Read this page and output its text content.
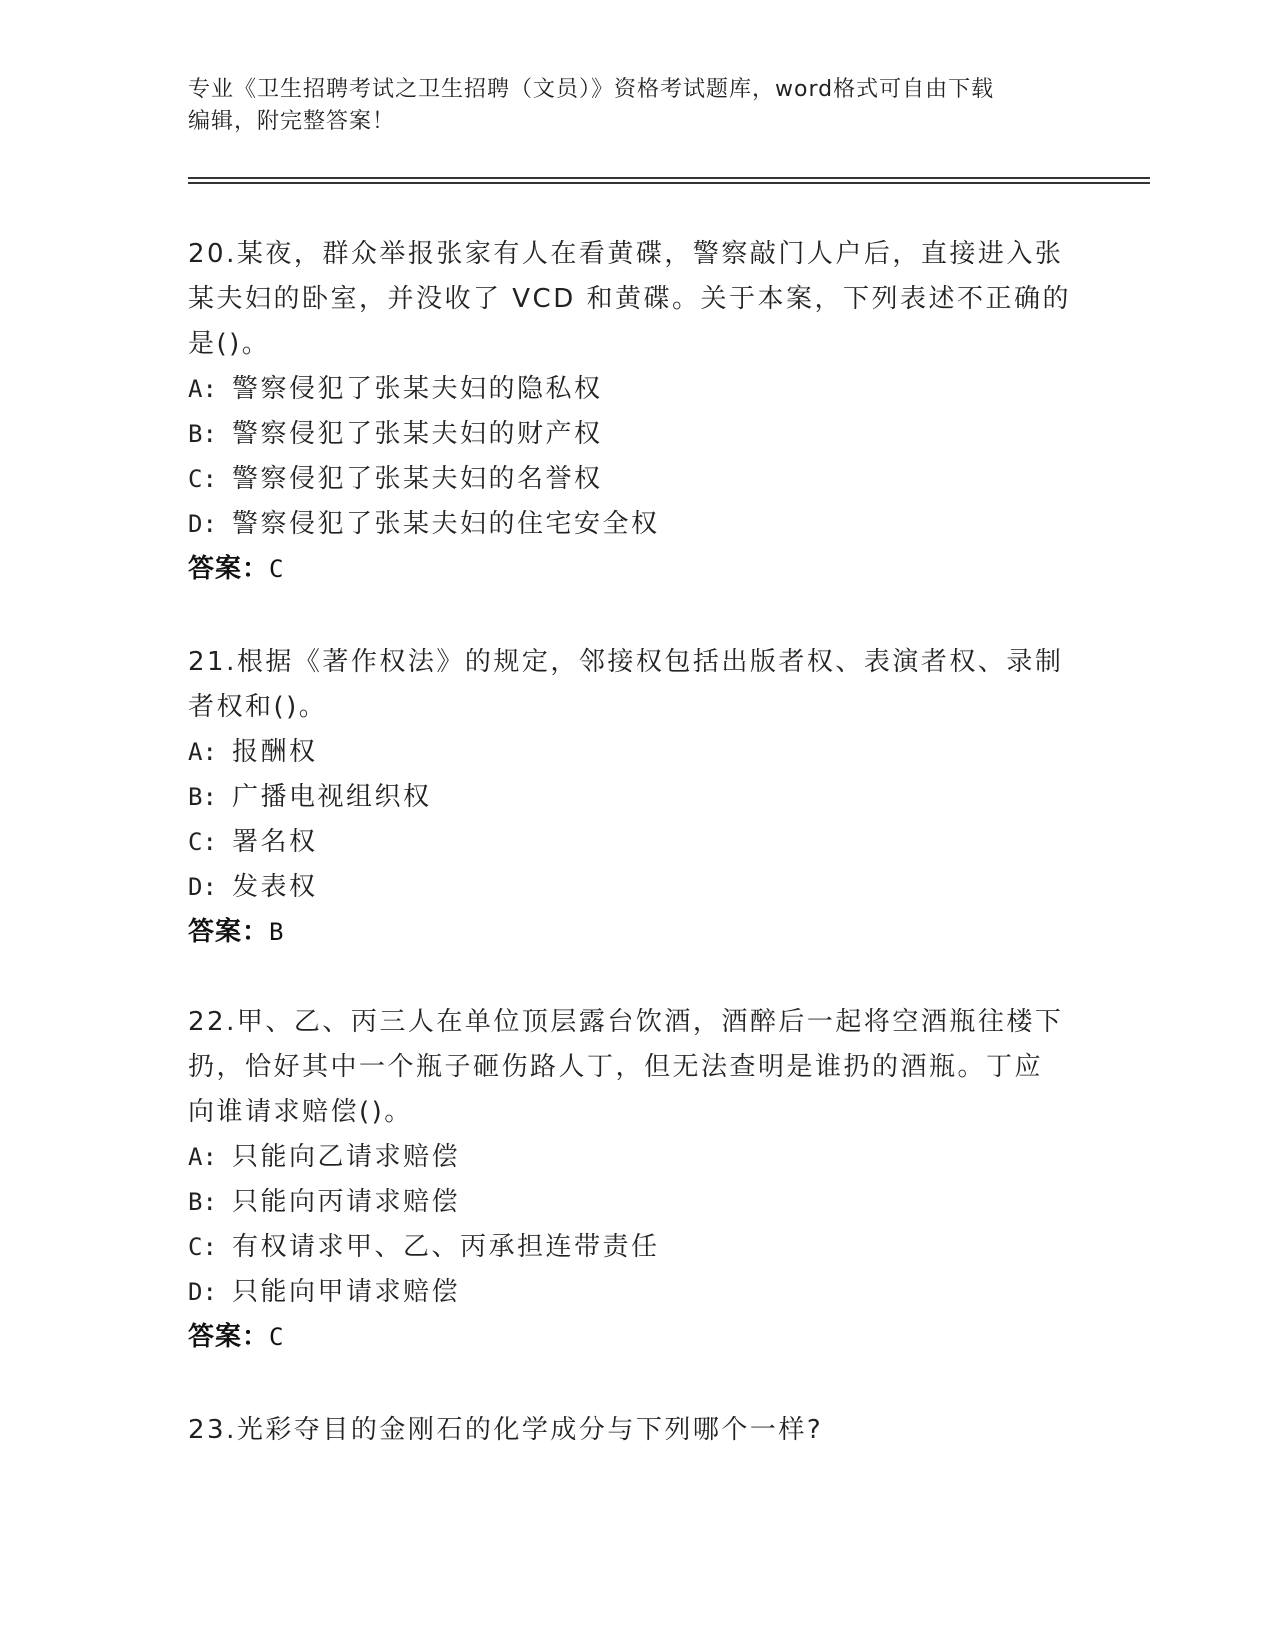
专业《卫生招聘考试之卫生招聘（文员）》资格考试题库，word格式可自由下载
编辑，附完整答案！

20.某夜，群众举报张家有人在看黄碟，警察敲门人户后，直接进入张

某夫妇的卧室，并没收了 VCD 和黄碟。关于本案，下列表述不正确的

是()。

A: 警察侵犯了张某夫妇的隐私权

B: 警察侵犯了张某夫妇的财产权

C: 警察侵犯了张某夫妇的名誉权

D: 警察侵犯了张某夫妇的住宅安全权

答案：C

21.根据《著作权法》的规定，邻接权包括出版者权、表演者权、录制

者权和()。

A: 报酬权

B: 广播电视组织权

C: 署名权

D: 发表权

答案：B

22.甲、乙、丙三人在单位顶层露台饮酒，酒醉后一起将空酒瓶往楼下

扔，恰好其中一个瓶子砸伤路人丁，但无法查明是谁扔的酒瓶。丁应

向谁请求赔偿()。

A: 只能向乙请求赔偿

B: 只能向丙请求赔偿

C: 有权请求甲、乙、丙承担连带责任

D: 只能向甲请求赔偿

答案：C

23.光彩夺目的金刚石的化学成分与下列哪个一样?
